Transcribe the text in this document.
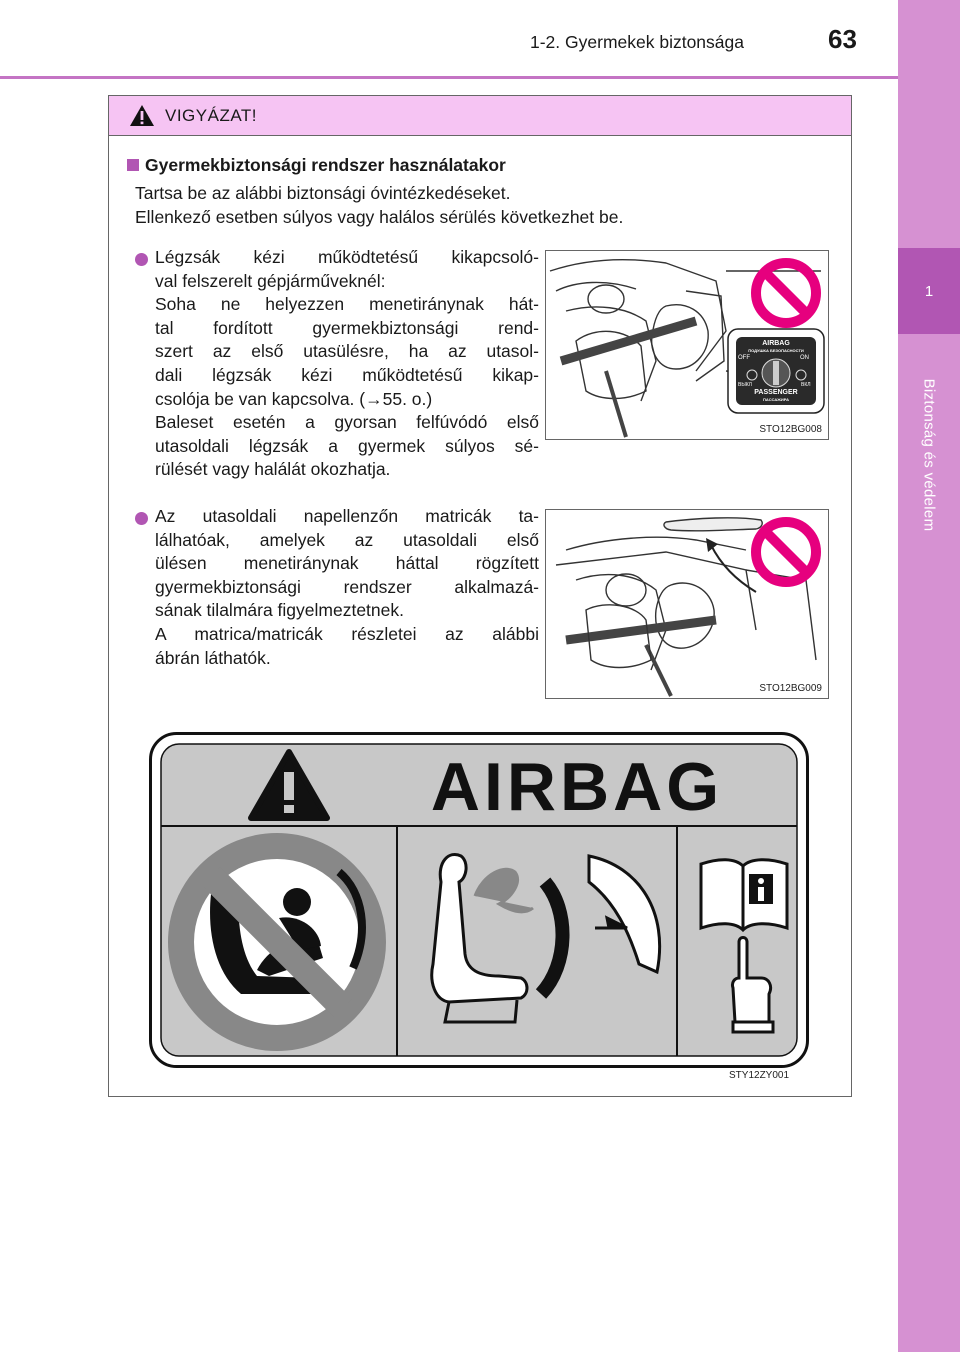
1-2. Gyermekek biztonsága	63
1
Biztonság és védelem
VIGYÁZAT!
Gyermekbiztonsági rendszer használatakor
Tartsa be az alábbi biztonsági óvintézkedéseket.
Ellenkező esetben súlyos vagy halálos sérülés következhet be.
Légzsák kézi működtetésű kikapcsoló-
val felszerelt gépjárműveknél:
Soha ne helyezzen menetiránynak hát-
tal fordított gyermekbiztonsági rend-
szert az első utasülésre, ha az utasol-
dali légzsák kézi működtetésű kikap-
csolója be van kapcsolva. (→55. o.)
Baleset esetén a gyorsan felfúvódó első
utasoldali légzsák a gyermek súlyos sé-
rülését vagy halálát okozhatja.
AIRBAG
ПОДУШКА БЕЗОПАСНОСТИ
OFF	ON
ВЫКЛ	ВКЛ
PASSENGER
ПАССАЖИРА
STO12BG008
Az utasoldali napellenzőn matricák ta-
lálhatóak, amelyek az utasoldali első
ülésen menetiránynak háttal rögzített
gyermekbiztonsági rendszer alkalmazá-
sának tilalmára figyelmeztetnek.
A matrica/matricák részletei az alábbi
ábrán láthatók.
STO12BG009
AIRBAG
STY12ZY001
